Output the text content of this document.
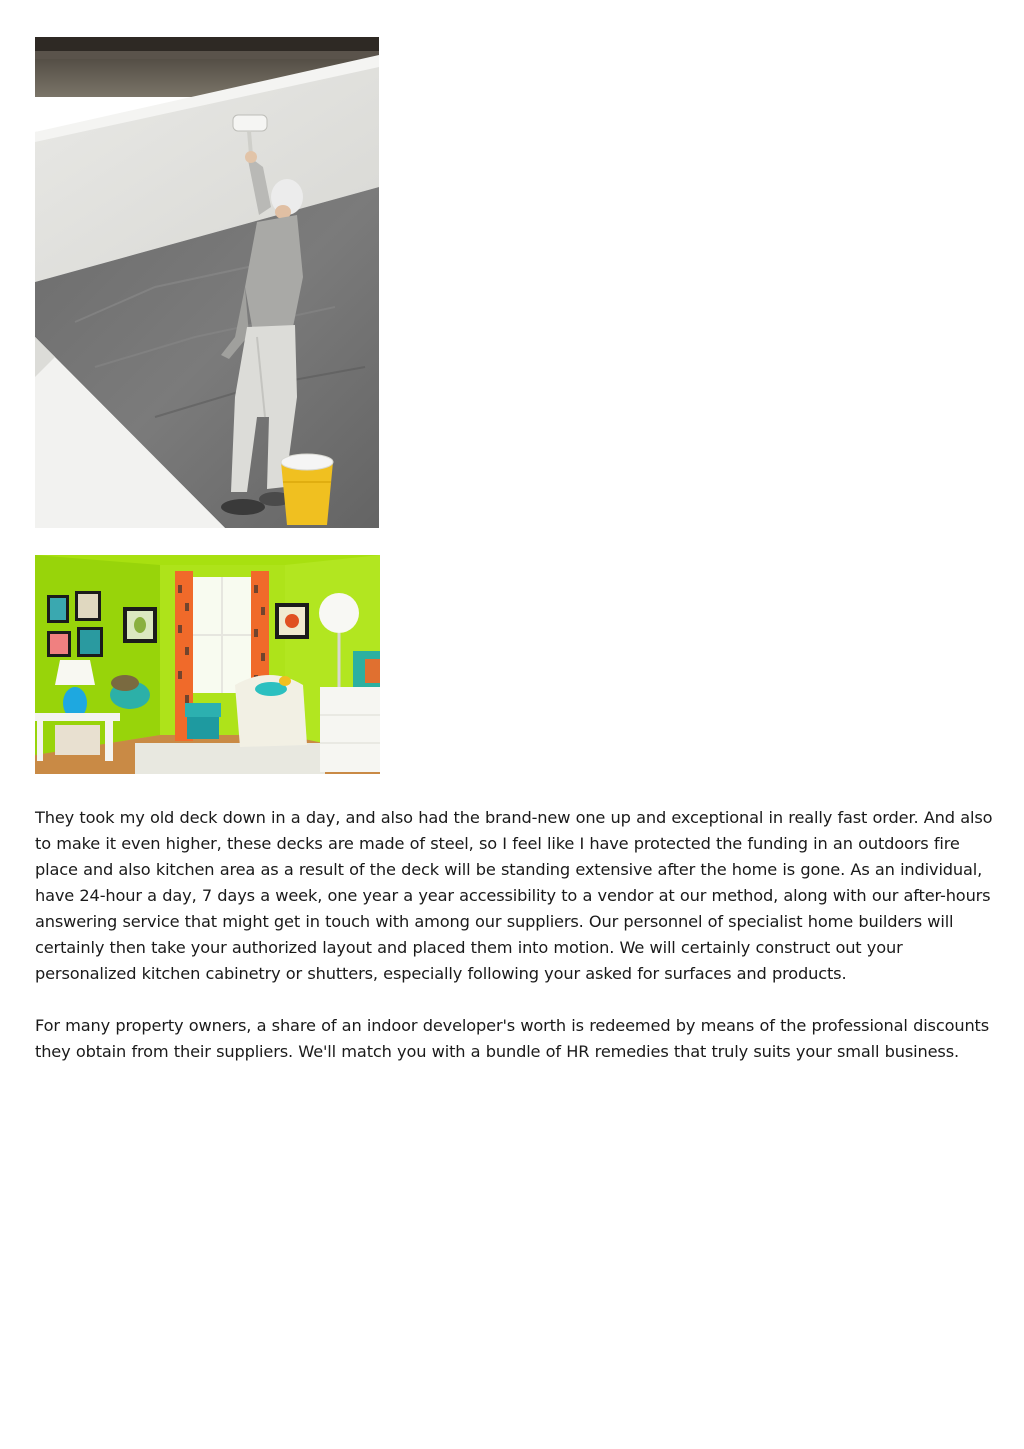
They took my old deck down in a day, and also had the brand-new one up and exceptional in really fast order. And also to make it even higher, these decks are made of steel, so I feel like I have protected the funding in an outdoors fire place and also kitchen area as a result of the deck will be standing extensive after the home is gone. As an individual, have 24-hour a day, 7 days a week, one year a year accessibility to a vendor at our method, along with our after-hours answering service that might get in touch with among our suppliers. Our personnel of specialist home builders will certainly then take your authorized layout and placed them into motion. We will certainly construct out your personalized kitchen cabinetry or shutters, especially following your asked for surfaces and products.

For many property owners, a share of an indoor developer's worth is redeemed by means of the professional discounts they obtain from their suppliers. We'll match you with a bundle of HR remedies that truly suits your small business.
